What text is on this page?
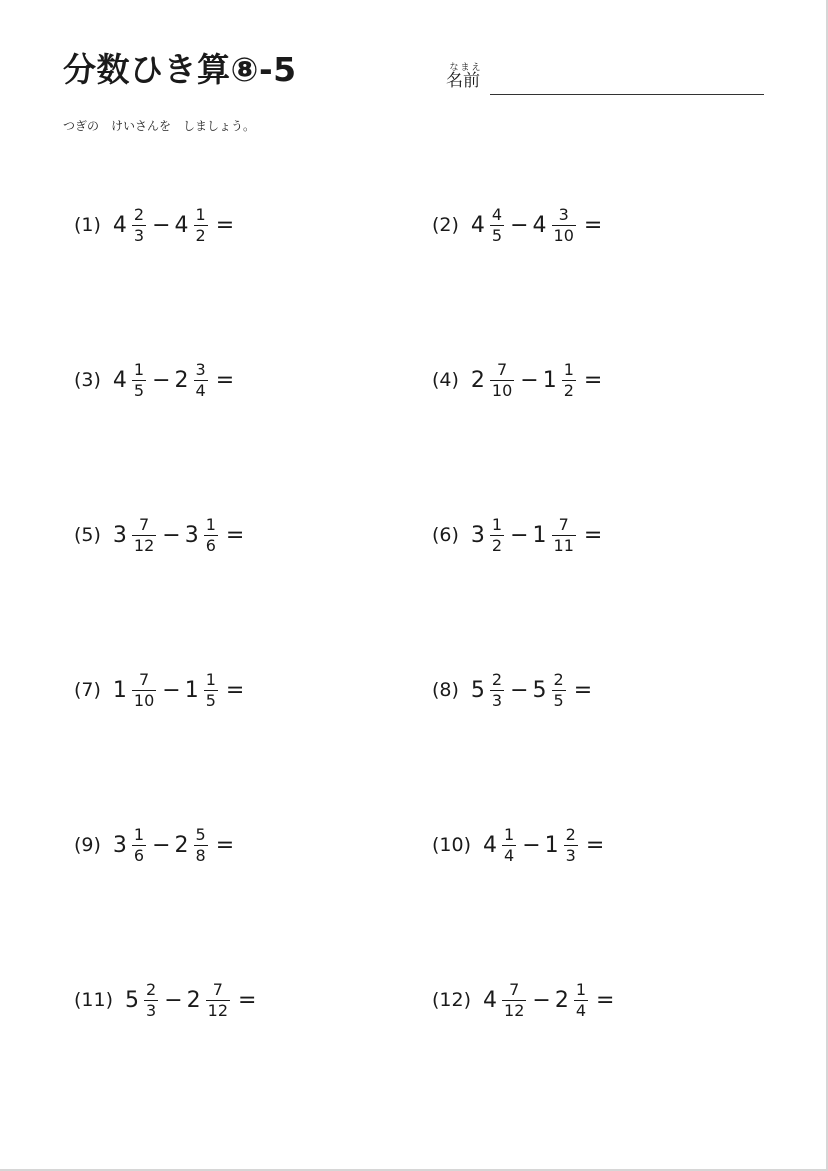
分数ひき算⑧-5	なまえ
名前
つぎの　けいさんを　しましょう。
(1) $4 \frac{2}{3} - 4 \frac{1}{2}$ =	(2) $4 \frac{4}{5} - 4 \frac{3}{10}$ =
(3) $4 \frac{1}{5} - 2 \frac{3}{4}$ =	(4) $2 \frac{7}{10} - 1 \frac{1}{2}$ =
(5) $3 \frac{7}{12} - 3 \frac{1}{6}$ =	(6) $3 \frac{1}{2} - 1 \frac{7}{11}$ =
(7) $1 \frac{7}{10} - 1 \frac{1}{5}$ =	(8) $5 \frac{2}{3} - 5 \frac{2}{5}$ =
(9) $3 \frac{1}{6} - 2 \frac{5}{8}$ =	(10) $4 \frac{1}{4} - 1 \frac{2}{3}$ =
(11) $5 \frac{2}{3} - 2 \frac{7}{12}$ =	(12) $4 \frac{7}{12} - 2 \frac{1}{4}$ =
